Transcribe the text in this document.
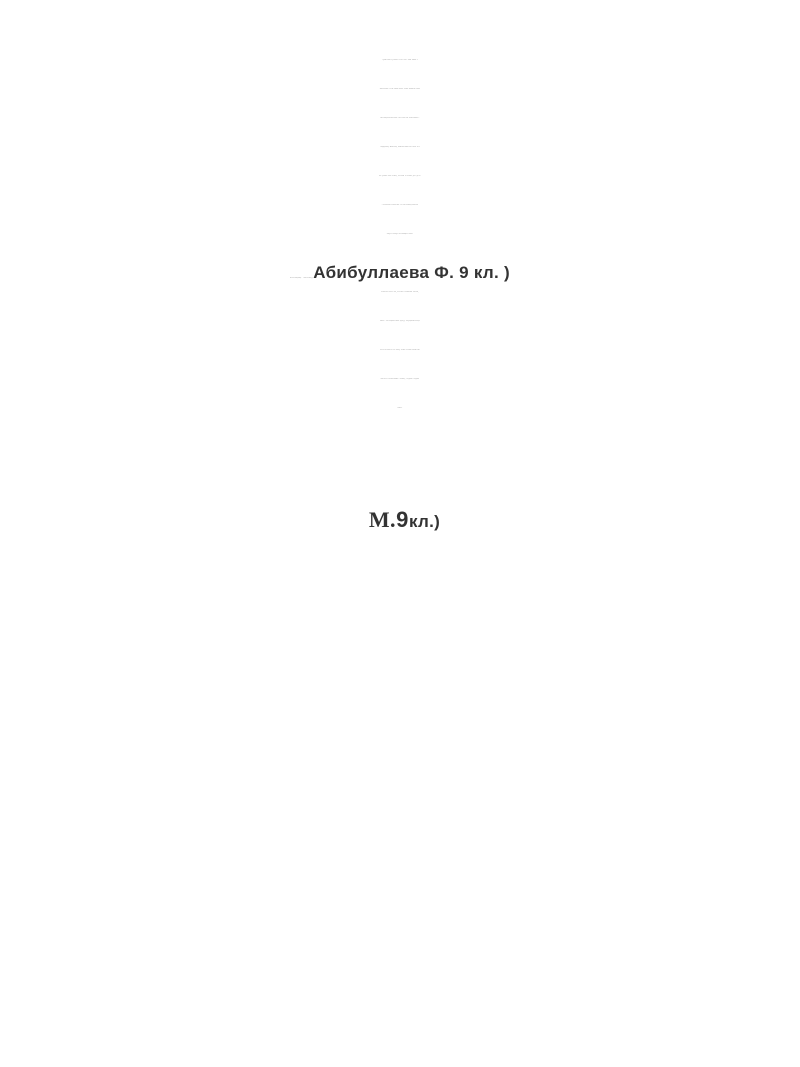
Здравствуйте дорогие гости. Мы с вами живем в

прекрасном уголке нашей земли. Крым необычен своей

многонациональностью. Мы хотим вас познакомить с

традициями, обычаями, нравами крымских татар. Все

мы должны жить в мире, согласии и уважать друг друга

с почтением относиться к культурным ценностям

каждого народа населяющего Крым.

Моя помощница – экскурсовод (Абибуллаева Ф. 9 кл. )

расскажет вам о том, как живут крымские татары,

какая у них национальная одежда, традиционная пица

и как веселится этот народ. Наши ученики прочитают

наизусть стихотворения о Крыме, о родине и родном

языке.

М. 9 кл.)
